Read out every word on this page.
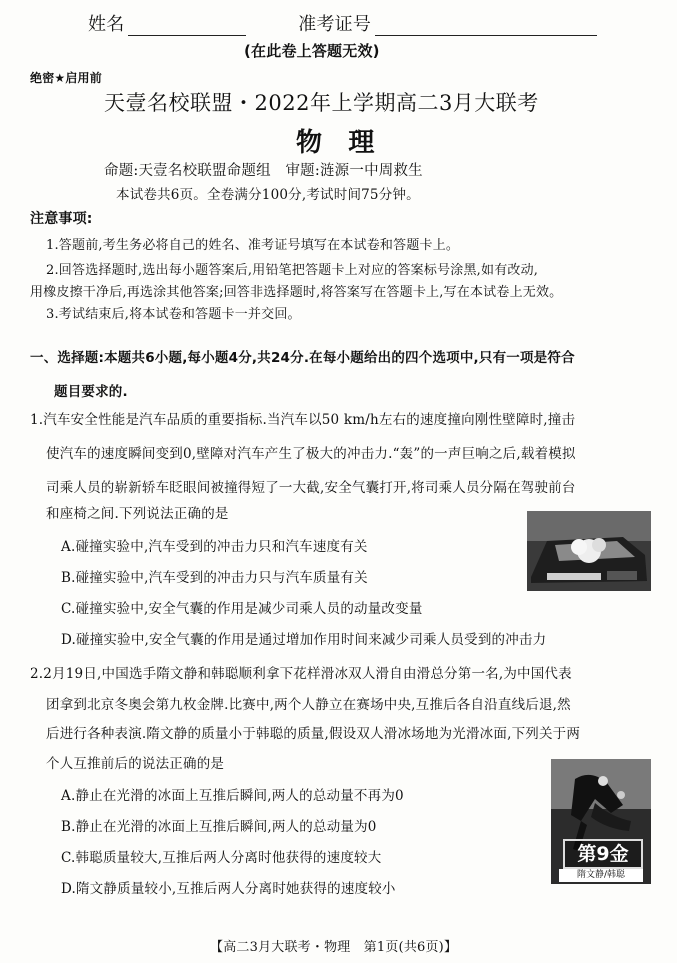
姓名	准考证号
(在此卷上答题无效)
绝密★启用前
天壹名校联盟・2022年上学期高二3月大联考
物　理
命题:天壹名校联盟命题组　审题:涟源一中周救生
本试卷共6页。全卷满分100分,考试时间75分钟。
注意事项:
1.答题前,考生务必将自己的姓名、准考证号填写在本试卷和答题卡上。
2.回答选择题时,选出每小题答案后,用铅笔把答题卡上对应的答案标号涂黑,如有改动,
用橡皮擦干净后,再选涂其他答案;回答非选择题时,将答案写在答题卡上,写在本试卷上无效。
3.考试结束后,将本试卷和答题卡一并交回。
一、选择题:本题共6小题,每小题4分,共24分.在每小题给出的四个选项中,只有一项是符合
题目要求的.
1.汽车安全性能是汽车品质的重要指标.当汽车以50 km/h左右的速度撞向刚性壁障时,撞击
使汽车的速度瞬间变到0,壁障对汽车产生了极大的冲击力.“轰”的一声巨响之后,载着模拟
司乘人员的崭新轿车眨眼间被撞得短了一大截,安全气囊打开,将司乘人员分隔在驾驶前台
和座椅之间.下列说法正确的是
A.碰撞实验中,汽车受到的冲击力只和汽车速度有关
B.碰撞实验中,汽车受到的冲击力只与汽车质量有关
C.碰撞实验中,安全气囊的作用是减少司乘人员的动量改变量
D.碰撞实验中,安全气囊的作用是通过增加作用时间来减少司乘人员受到的冲击力
2.2月19日,中国选手隋文静和韩聪顺利拿下花样滑冰双人滑自由滑总分第一名,为中国代表
团拿到北京冬奥会第九枚金牌.比赛中,两个人静立在赛场中央,互推后各自沿直线后退,然
后进行各种表演.隋文静的质量小于韩聪的质量,假设双人滑冰场地为光滑冰面,下列关于两
个人互推前后的说法正确的是
A.静止在光滑的冰面上互推后瞬间,两人的总动量不再为0
B.静止在光滑的冰面上互推后瞬间,两人的总动量为0
C.韩聪质量较大,互推后两人分离时他获得的速度较大
D.隋文静质量较小,互推后两人分离时她获得的速度较小
第9金
隋文静/韩聪
【高二3月大联考・物理　第1页(共6页)】
